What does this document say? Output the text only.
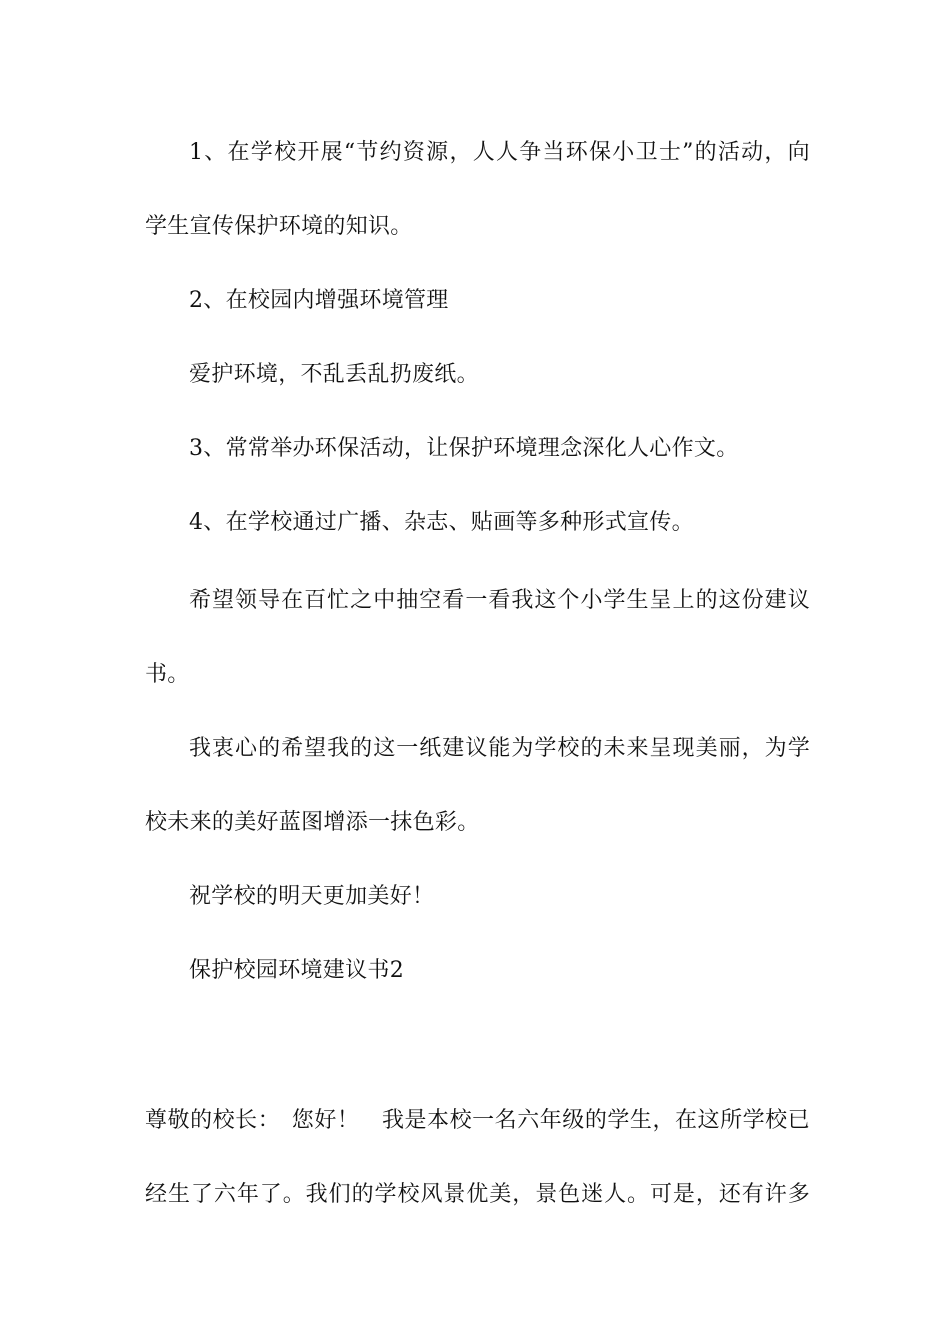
1、在学校开展“节约资源，人人争当环保小卫士”的活动，向
学生宣传保护环境的知识。
2、在校园内增强环境管理
爱护环境，不乱丢乱扔废纸。
3、常常举办环保活动，让保护环境理念深化人心作文。
4、在学校通过广播、杂志、贴画等多种形式宣传。
希望领导在百忙之中抽空看一看我这个小学生呈上的这份建议
书。
我衷心的希望我的这一纸建议能为学校的未来呈现美丽，为学
校未来的美好蓝图增添一抹色彩。
祝学校的明天更加美好！
保护校园环境建议书2
尊敬的校长：　您好！　我是本校一名六年级的学生，在这所学校已
经生了六年了。我们的学校风景优美，景色迷人。可是，还有许多
